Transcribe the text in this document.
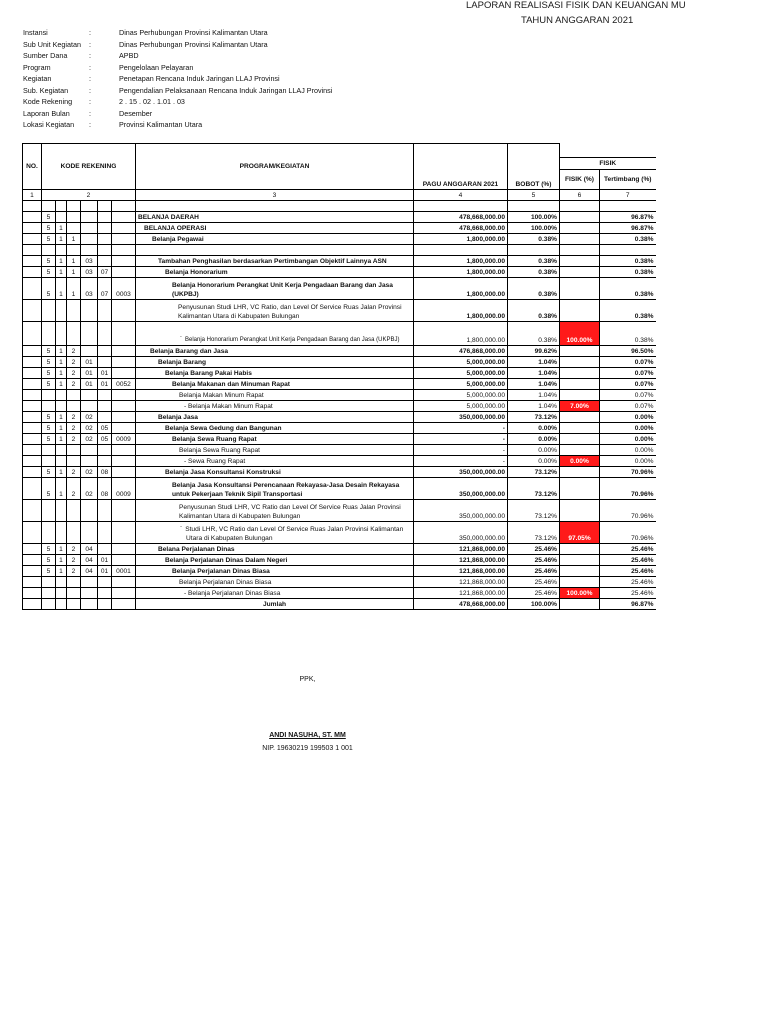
LAPORAN REALISASI FISIK DAN KEUANGAN MU
TAHUN ANGGARAN 2021
Instansi	:	Dinas Perhubungan Provinsi Kalimantan Utara
Sub Unit Kegiatan	:	Dinas Perhubungan Provinsi Kalimantan Utara
Sumber Dana	:	APBD
Program	:	Pengelolaan Pelayaran
Kegiatan	:	Penetapan Rencana Induk Jaringan LLAJ Provinsi
Sub. Kegiatan	:	Pengendalian Pelaksanaan Rencana Induk Jaringan LLAJ Provinsi
Kode Rekening	:	2 . 15 . 02 . 1.01 . 03
Laporan Bulan	:	Desember
Lokasi Kegiatan	:	Provinsi Kalimantan Utara
NO.	KODE REKENING						PROGRAM/KEGIATAN	PAGU ANGGARAN 2021	BOBOT (%)		
										FISIK	
										FISIK (%)	Tertimbang (%)
1	2						3	4	5	6	7

	5						BELANJA DAERAH	478,668,000.00	100.00%		96.87%
	5	1					BELANJA OPERASI	478,668,000.00	100.00%		96.87%
	5	1	1				Belanja Pegawai	1,800,000.00	0.38%		0.38%

	5	1	1	03			Tambahan Penghasilan berdasarkan Pertimbangan Objektif Lainnya ASN	1,800,000.00	0.38%		0.38%
	5	1	1	03	07		Belanja Honorarium	1,800,000.00	0.38%		0.38%
	5	1	1	03	07	0003	Belanja Honorarium Perangkat Unit Kerja Pengadaan Barang dan Jasa (UKPBJ)	1,800,000.00	0.38%		0.38%
							Penyusunan Studi LHR, VC Ratio, dan Level Of Service Ruas Jalan Provinsi Kalimantan Utara di Kabupaten Bulungan	1,800,000.00	0.38%		0.38%
							` Belanja Honorarium Perangkat Unit Kerja Pengadaan Barang dan Jasa (UKPBJ)	1,800,000.00	0.38%	100.00%	0.38%
	5	1	2				Belanja Barang dan Jasa	476,868,000.00	99.62%		96.50%
	5	1	2	01			Belanja Barang	5,000,000.00	1.04%		0.07%
	5	1	2	01	01		Belanja Barang Pakai Habis	5,000,000.00	1.04%		0.07%
	5	1	2	01	01	0052	Belanja Makanan dan Minuman Rapat	5,000,000.00	1.04%		0.07%
							Belanja Makan Minum Rapat	5,000,000.00	1.04%		0.07%
							- Belanja Makan Minum Rapat	5,000,000.00	1.04%	7.00%	0.07%
	5	1	2	02			Belanja Jasa	350,000,000.00	73.12%		0.00%
	5	1	2	02	05		Belanja Sewa Gedung dan Bangunan	-	0.00%		0.00%
	5	1	2	02	05	0009	Belanja Sewa Ruang Rapat	-	0.00%		0.00%
							Belanja Sewa Ruang Rapat	-	0.00%		0.00%
							- Sewa Ruang Rapat	-	0.00%	0.00%	0.00%
	5	1	2	02	08		Belanja Jasa Konsultansi Konstruksi	350,000,000.00	73.12%		70.96%
	5	1	2	02	08	0009	Belanja Jasa Konsultansi Perencanaan Rekayasa-Jasa Desain Rekayasa untuk Pekerjaan Teknik Sipil Transportasi	350,000,000.00	73.12%		70.96%
							Penyusunan Studi LHR, VC Ratio dan Level Of Service Ruas Jalan Provinsi Kalimantan Utara di Kabupaten Bulungan	350,000,000.00	73.12%		70.96%
							` Studi LHR, VC Ratio dan Level Of Service Ruas Jalan Provinsi Kalimantan Utara di Kabupaten Bulungan	350,000,000.00	73.12%	97.05%	70.96%
	5	1	2	04			Belana Perjalanan Dinas	121,868,000.00	25.46%		25.46%
	5	1	2	04	01		Belanja Perjalanan Dinas Dalam Negeri	121,868,000.00	25.46%		25.46%
	5	1	2	04	01	0001	Belanja Perjalanan Dinas Biasa	121,868,000.00	25.46%		25.46%
							Belanja Perjalanan Dinas Biasa	121,868,000.00	25.46%		25.46%
							- Belanja Perjalanan Dinas Biasa	121,868,000.00	25.46%	100.00%	25.46%
							Jumlah	478,668,000.00	100.00%		96.87%
PPK,
ANDI NASUHA, ST. MM
NIP. 19630219 199503 1 001
